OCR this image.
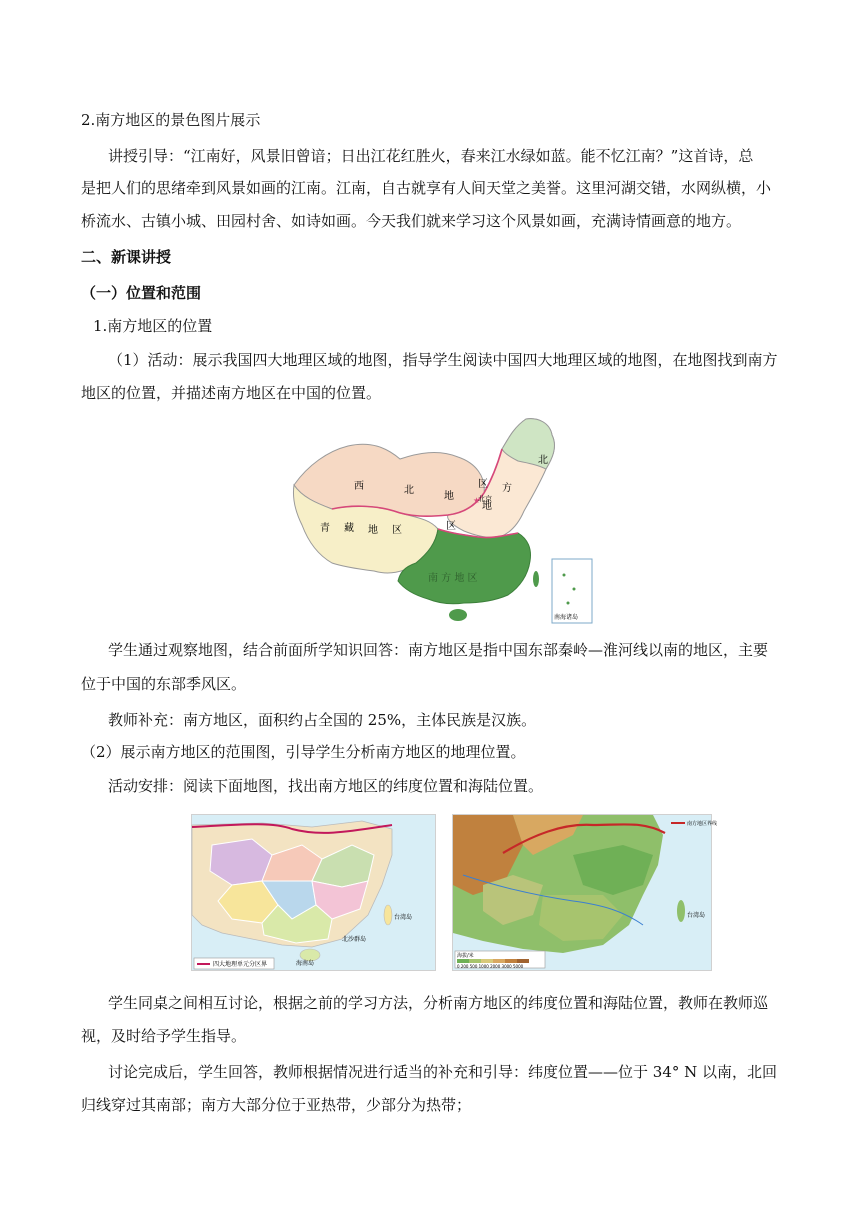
2.南方地区的景色图片展示
讲授引导：“江南好，风景旧曾谙；日出江花红胜火，春来江水绿如蓝。能不忆江南？”这首诗，总
是把人们的思绪牵到风景如画的江南。江南，自古就享有人间天堂之美誉。这里河湖交错，水网纵横，小
桥流水、古镇小城、田园村舍、如诗如画。今天我们就来学习这个风景如画，充满诗情画意的地方。
二、新课讲授
（一）位置和范围
1.南方地区的位置
（1）活动：展示我国四大地理区域的地图，指导学生阅读中国四大地理区域的地图，在地图找到南方
地区的位置，并描述南方地区在中国的位置。
西	北
地
区
北
方
地
区
北京
青 藏 地 区
南 方 地 区
南海诸岛
★
学生通过观察地图，结合前面所学知识回答：南方地区是指中国东部秦岭—淮河线以南的地区，主要
位于中国的东部季风区。
教师补充：南方地区，面积约占全国的 25%，主体民族是汉族。
（2）展示南方地区的范围图，引导学生分析南方地区的地理位置。
活动安排：阅读下面地图，找出南方地区的纬度位置和海陆位置。
海南岛
台湾岛
北沙群岛
四大地理单元分区界
台湾岛
南方地区界线
海拔/米
0 200 500 1000 2000 3000 5000
学生同桌之间相互讨论，根据之前的学习方法，分析南方地区的纬度位置和海陆位置，教师在教师巡
视，及时给予学生指导。
讨论完成后，学生回答，教师根据情况进行适当的补充和引导：纬度位置——位于 34° N 以南，北回
归线穿过其南部；南方大部分位于亚热带，少部分为热带；
